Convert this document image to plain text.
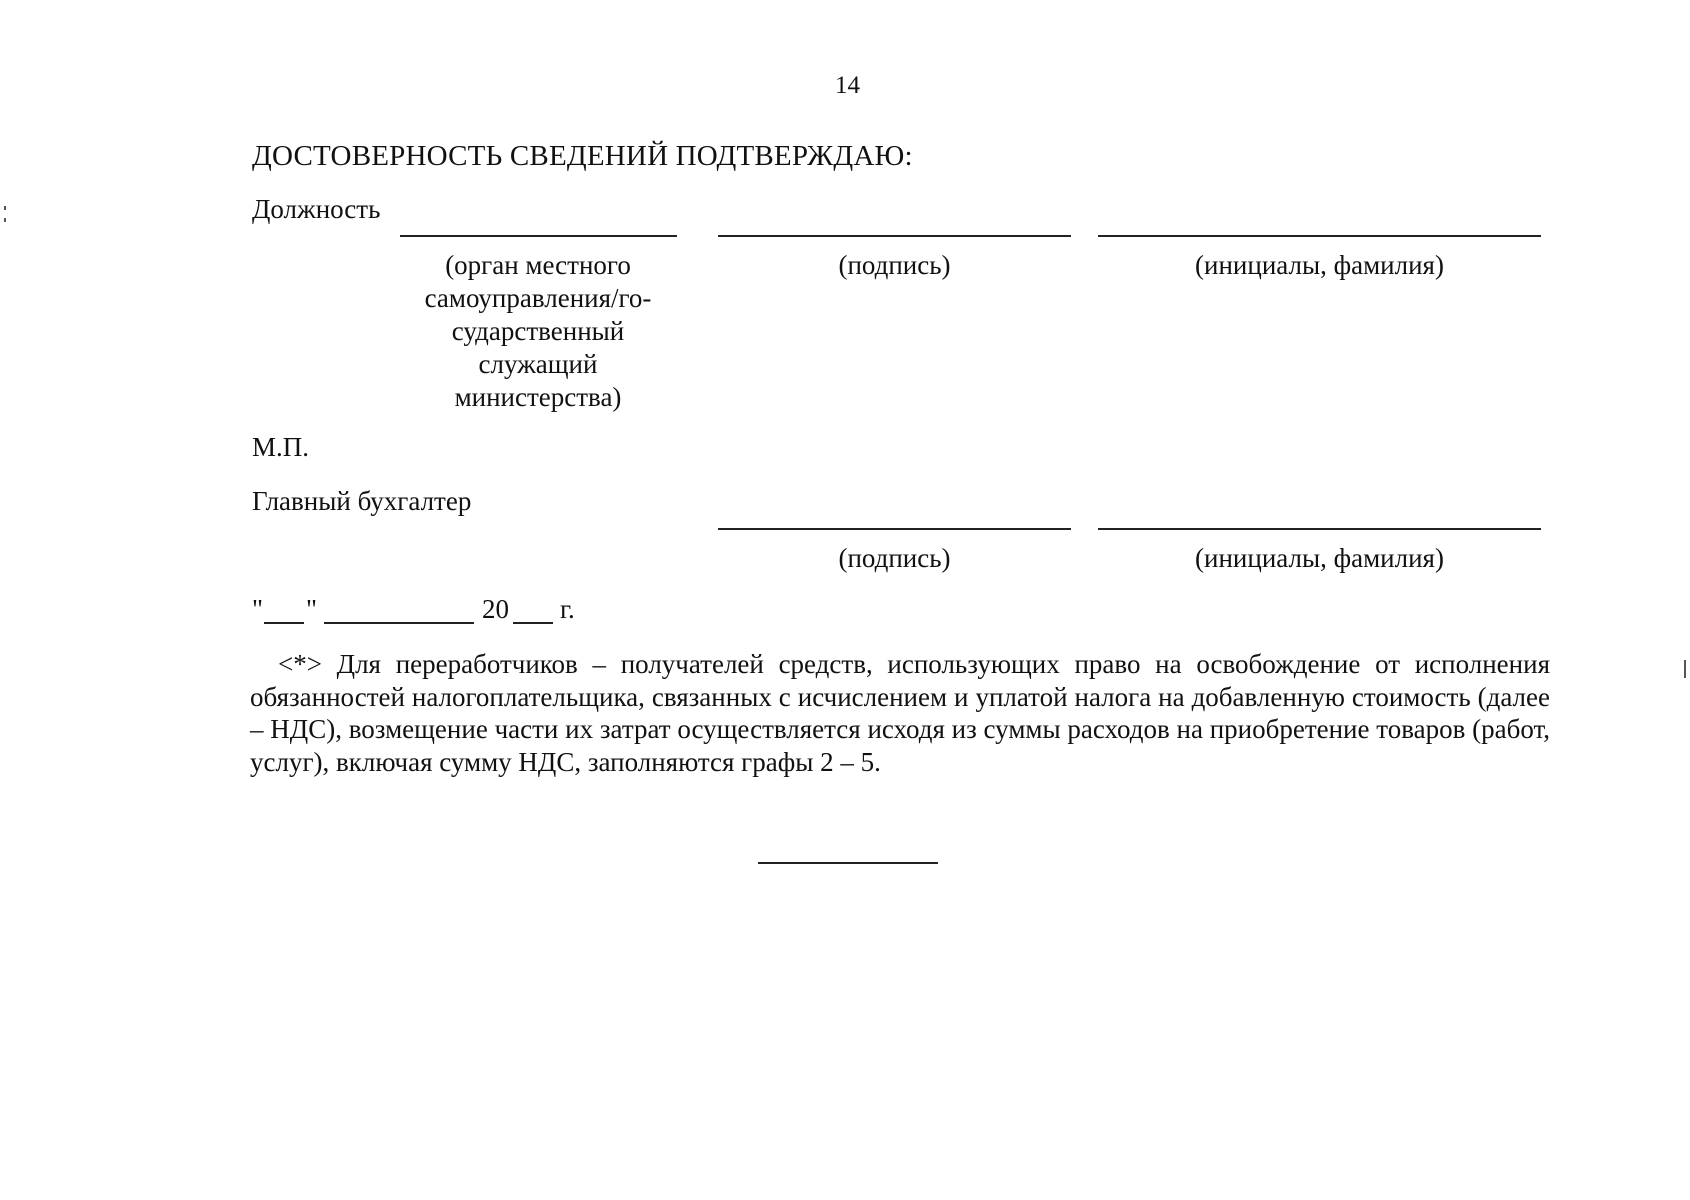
14
ДОСТОВЕРНОСТЬ СВЕДЕНИЙ ПОДТВЕРЖДАЮ:
Должность
(орган местного самоуправления/го-сударственный служащий министерства)
(подпись)	(инициалы, фамилия)
М.П.
Главный бухгалтер
(подпись)	(инициалы, фамилия)
" "	20 г.
<*> Для переработчиков – получателей средств, использующих право на освобождение от исполнения обязанностей налогоплательщика, связанных с исчислением и уплатой налога на добавленную стоимость (далее – НДС), возмещение части их затрат осуществляется исходя из суммы расходов на приобретение товаров (работ, услуг), включая сумму НДС, заполняются графы 2 – 5.
